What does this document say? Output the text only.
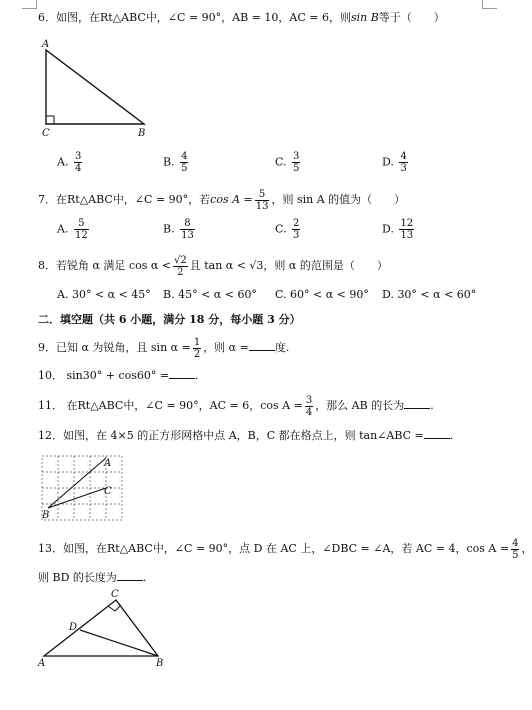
6．如图，在Rt△ABC中，∠C = 90°，AB = 10，AC = 6，则sin B等于（　　）
A
C	B
A. $\frac{3}{4}$	B. $\frac{4}{5}$	C. $\frac{3}{5}$	D. $\frac{4}{3}$
7．在Rt△ABC中，∠C = 90°，若$\cos A = \frac{5}{13}$ ，则 sin A 的值为（　　）
A. $\frac{5}{12}$	B. $\frac{8}{13}$	C. $\frac{2}{3}$	D. $\frac{12}{13}$
8．若锐角 α 满足 $\cos \alpha < \frac{√2}{2}$ 且 tan α < √3，则 α 的范围是（　　）
A. 30° < α < 45° B. 45° < α < 60° C. 60° < α < 90° D. 30° < α < 60°
二．填空题（共 6 小题，满分 18 分，每小题 3 分）
9．已知 α 为锐角，且 $\sin \alpha = \frac{1}{2}$ ，则 α = 度.
10． sin30° + cos60° = .
11． 在Rt△ABC中，∠C = 90°，AC = 6，$\cos A = \frac{3}{4}$ ，那么 AB 的长为 .
12．如图，在 4×5 的正方形网格中点 A，B，C 都在格点上，则 tan∠ABC = .
A
C
B
13．如图，在Rt△ABC中，∠C = 90°，点 D 在 AC 上，∠DBC = ∠A，若 AC = 4，$\cos A = \frac{4}{5}$ ，
则 BD 的长度为 .
C
D
A	B
